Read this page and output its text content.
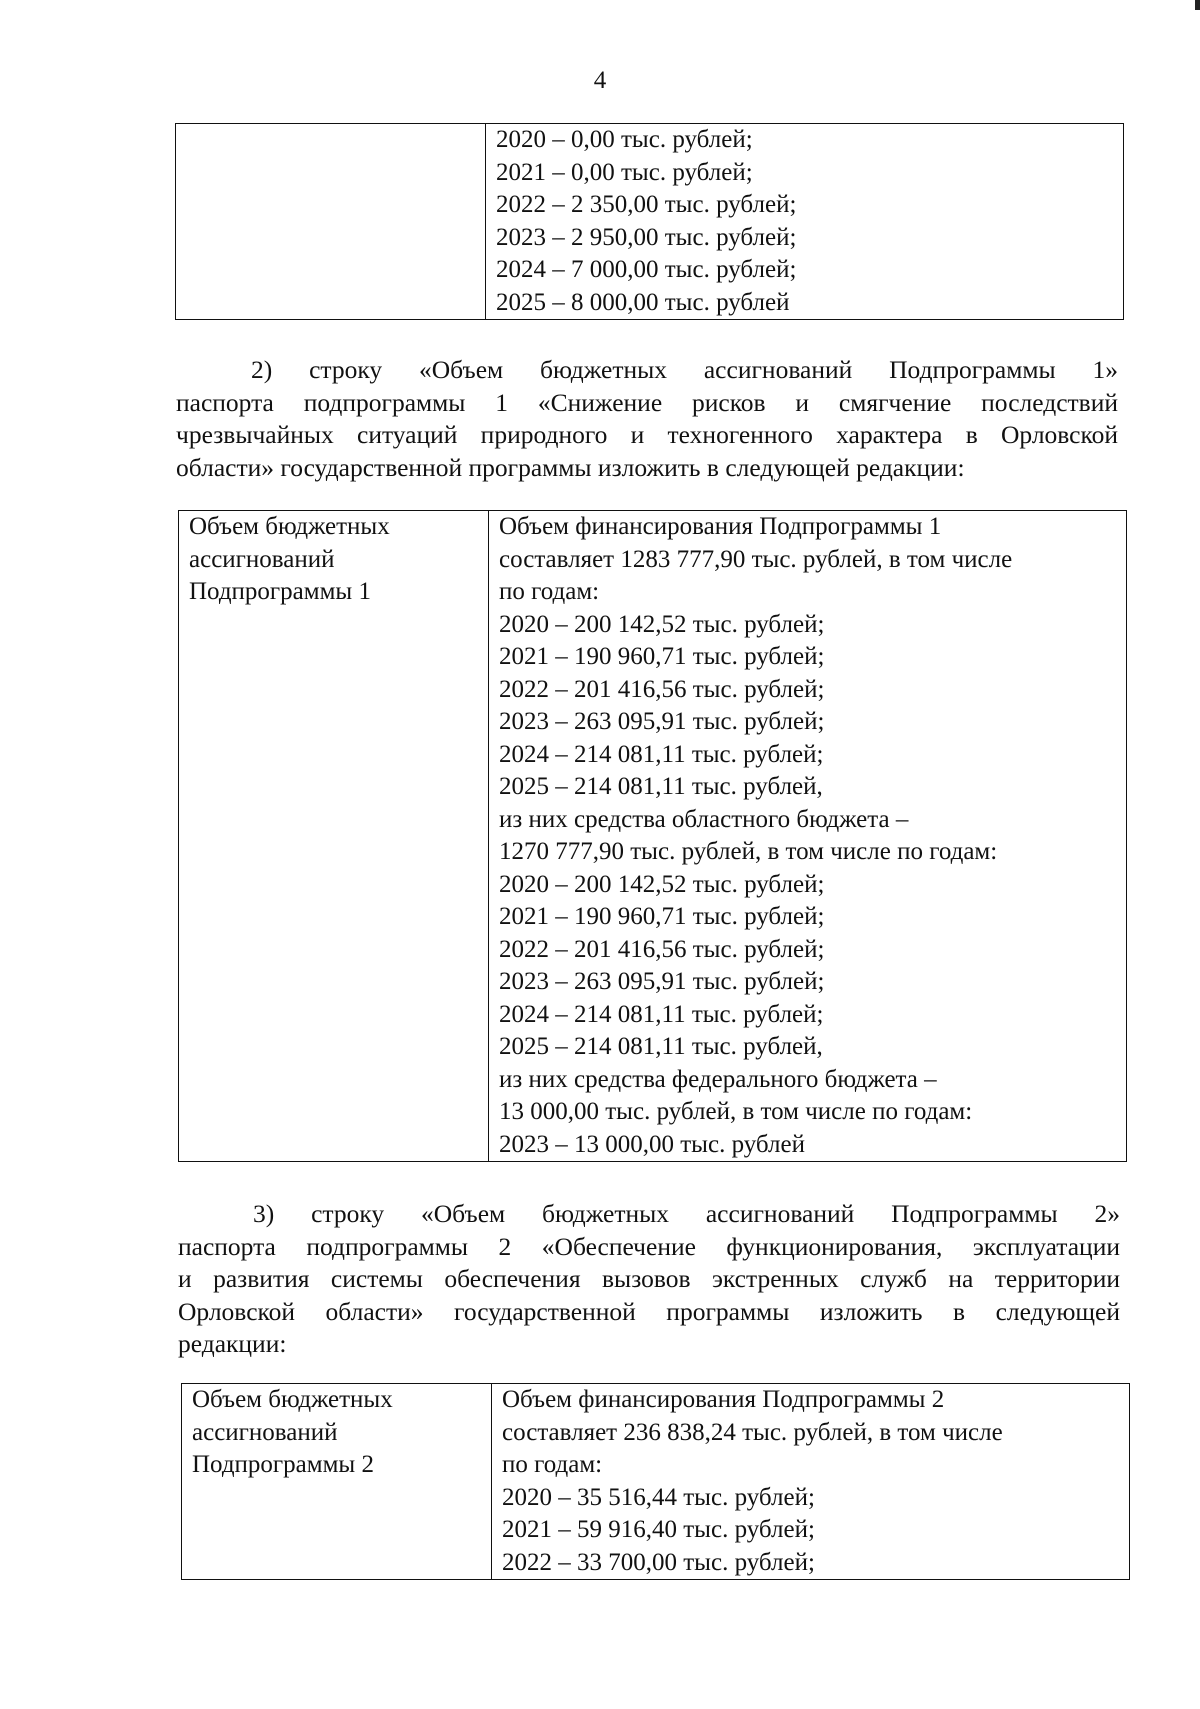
4

2020 – 0,00 тыс. рублей;
2021 – 0,00 тыс. рублей;
2022 – 2 350,00 тыс. рублей;
2023 – 2 950,00 тыс. рублей;
2024 – 7 000,00 тыс. рублей;
2025 – 8 000,00 тыс. рублей
2) строку «Объем бюджетных ассигнований Подпрограммы 1»
паспорта подпрограммы 1 «Снижение рисков и смягчение последствий
чрезвычайных ситуаций природного и техногенного характера в Орловской
области» государственной программы изложить в следующей редакции:
Объем бюджетных
ассигнований
Подпрограммы 1

Объем финансирования Подпрограммы 1
составляет 1283 777,90 тыс. рублей, в том числе
по годам:
2020 – 200 142,52 тыс. рублей;
2021 – 190 960,71 тыс. рублей;
2022 – 201 416,56 тыс. рублей;
2023 – 263 095,91 тыс. рублей;
2024 – 214 081,11 тыс. рублей;
2025 – 214 081,11 тыс. рублей,
из них средства областного бюджета –
1270 777,90 тыс. рублей, в том числе по годам:
2020 – 200 142,52 тыс. рублей;
2021 – 190 960,71 тыс. рублей;
2022 – 201 416,56 тыс. рублей;
2023 – 263 095,91 тыс. рублей;
2024 – 214 081,11 тыс. рублей;
2025 – 214 081,11 тыс. рублей,
из них средства федерального бюджета –
13 000,00 тыс. рублей, в том числе по годам:
2023 – 13 000,00 тыс. рублей
3) строку «Объем бюджетных ассигнований Подпрограммы 2»
паспорта подпрограммы 2 «Обеспечение функционирования, эксплуатации
и развития системы обеспечения вызовов экстренных служб на территории
Орловской области» государственной программы изложить в следующей
редакции:
Объем бюджетных
ассигнований
Подпрограммы 2

Объем финансирования Подпрограммы 2
составляет 236 838,24 тыс. рублей, в том числе
по годам:
2020 – 35 516,44 тыс. рублей;
2021 – 59 916,40 тыс. рублей;
2022 – 33 700,00 тыс. рублей;
